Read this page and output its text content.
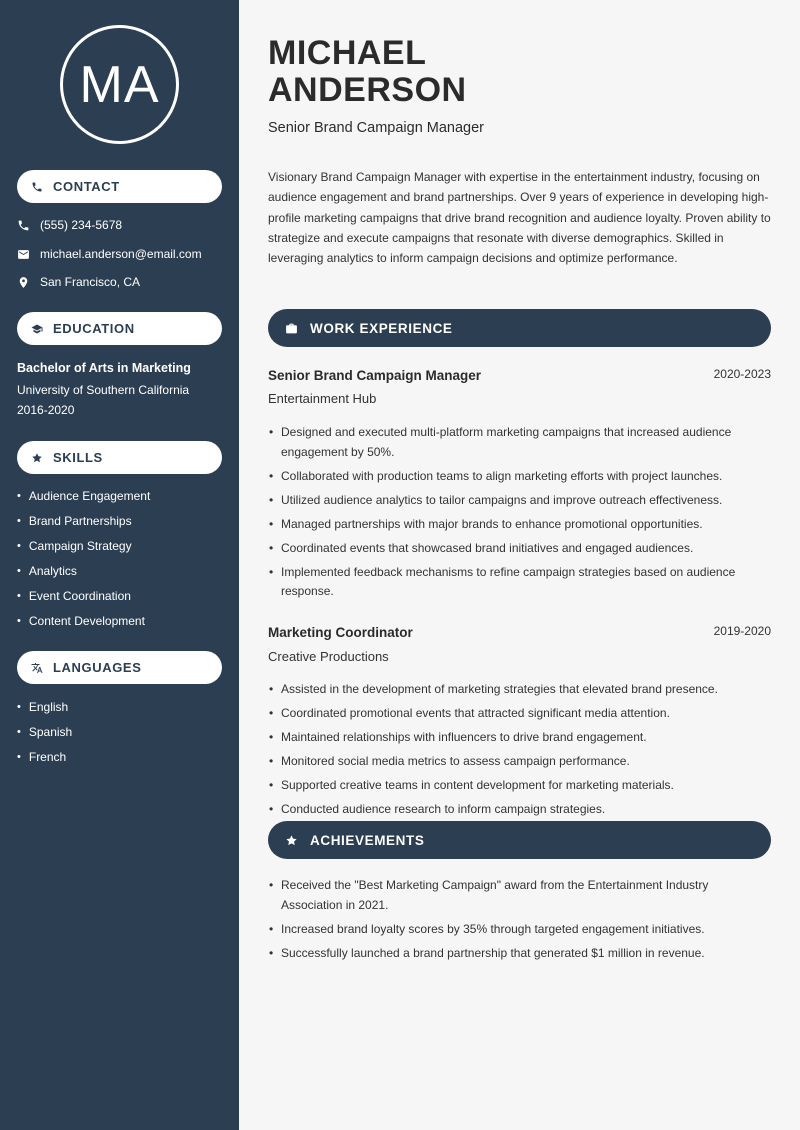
MA
CONTACT
(555) 234-5678
michael.anderson@email.com
San Francisco, CA
EDUCATION
Bachelor of Arts in Marketing
University of Southern California
2016-2020
SKILLS
• Audience Engagement
• Brand Partnerships
• Campaign Strategy
• Analytics
• Event Coordination
• Content Development
LANGUAGES
• English
• Spanish
• French
MICHAEL
ANDERSON
Senior Brand Campaign Manager
Visionary Brand Campaign Manager with expertise in the entertainment industry, focusing on audience engagement and brand partnerships. Over 9 years of experience in developing high-profile marketing campaigns that drive brand recognition and audience loyalty. Proven ability to strategize and execute campaigns that resonate with diverse demographics. Skilled in leveraging analytics to inform campaign decisions and optimize performance.
WORK EXPERIENCE
Senior Brand Campaign Manager	2020-2023
Entertainment Hub
• Designed and executed multi-platform marketing campaigns that increased audience engagement by 50%.
• Collaborated with production teams to align marketing efforts with project launches.
• Utilized audience analytics to tailor campaigns and improve outreach effectiveness.
• Managed partnerships with major brands to enhance promotional opportunities.
• Coordinated events that showcased brand initiatives and engaged audiences.
• Implemented feedback mechanisms to refine campaign strategies based on audience response.
Marketing Coordinator	2019-2020
Creative Productions
• Assisted in the development of marketing strategies that elevated brand presence.
• Coordinated promotional events that attracted significant media attention.
• Maintained relationships with influencers to drive brand engagement.
• Monitored social media metrics to assess campaign performance.
• Supported creative teams in content development for marketing materials.
• Conducted audience research to inform campaign strategies.
ACHIEVEMENTS
• Received the "Best Marketing Campaign" award from the Entertainment Industry Association in 2021.
• Increased brand loyalty scores by 35% through targeted engagement initiatives.
• Successfully launched a brand partnership that generated $1 million in revenue.
